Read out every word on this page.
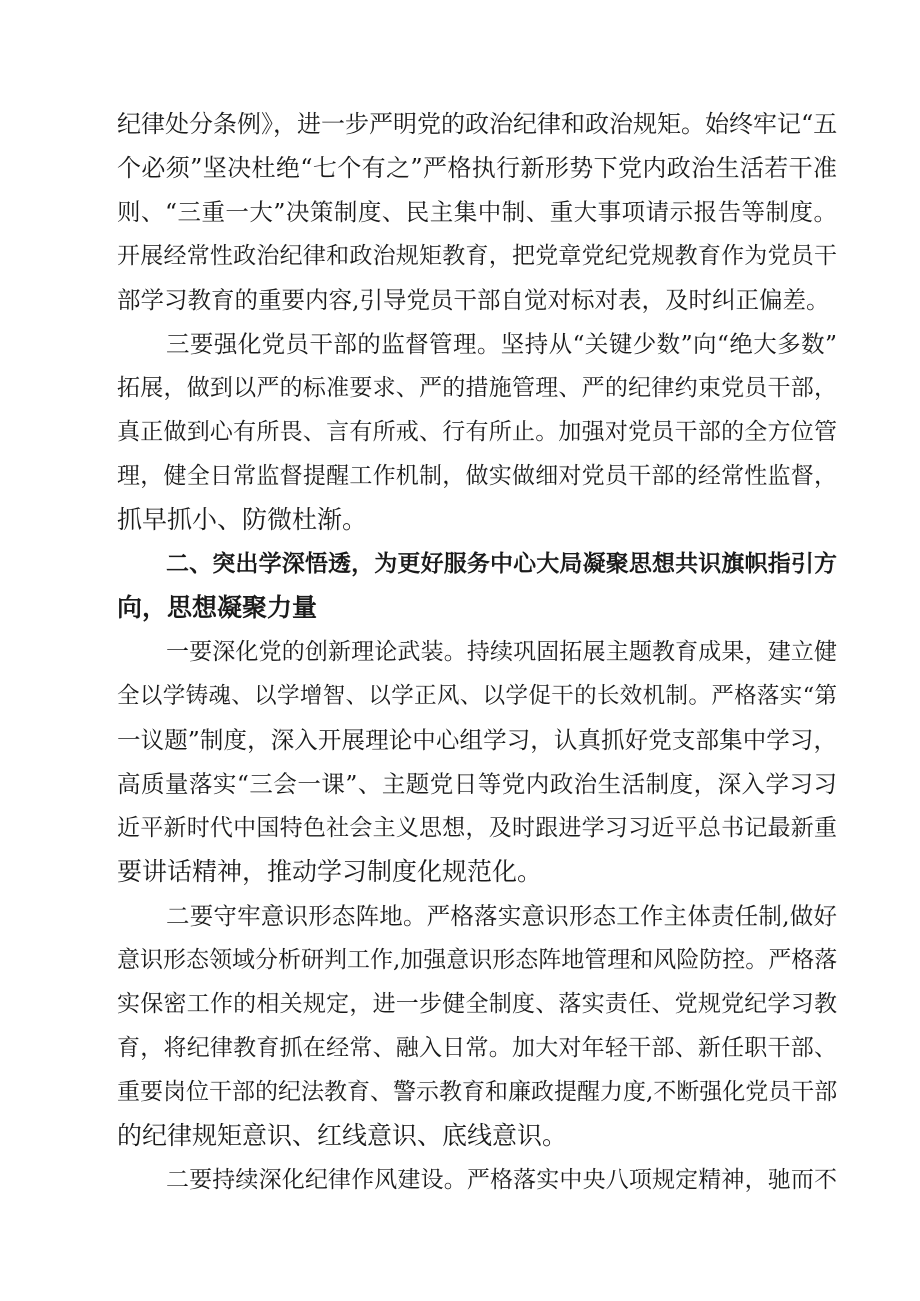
纪律处分条例》，进一步严明党的政治纪律和政治规矩。始终牢记“五
个必须”坚决杜绝“七个有之”严格执行新形势下党内政治生活若干准
则、“三重一大”决策制度、民主集中制、重大事项请示报告等制度。
开展经常性政治纪律和政治规矩教育，把党章党纪党规教育作为党员干
部学习教育的重要内容,引导党员干部自觉对标对表，及时纠正偏差。
三要强化党员干部的监督管理。坚持从“关键少数”向“绝大多数”
拓展，做到以严的标准要求、严的措施管理、严的纪律约束党员干部，
真正做到心有所畏、言有所戒、行有所止。加强对党员干部的全方位管
理，健全日常监督提醒工作机制，做实做细对党员干部的经常性监督，
抓早抓小、防微杜渐。
二、突出学深悟透，为更好服务中心大局凝聚思想共识旗帜指引方
向，思想凝聚力量
一要深化党的创新理论武装。持续巩固拓展主题教育成果，建立健
全以学铸魂、以学增智、以学正风、以学促干的长效机制。严格落实“第
一议题”制度，深入开展理论中心组学习，认真抓好党支部集中学习，
高质量落实“三会一课”、主题党日等党内政治生活制度，深入学习习
近平新时代中国特色社会主义思想，及时跟进学习习近平总书记最新重
要讲话精神，推动学习制度化规范化。
二要守牢意识形态阵地。严格落实意识形态工作主体责任制,做好
意识形态领域分析研判工作,加强意识形态阵地管理和风险防控。严格落
实保密工作的相关规定，进一步健全制度、落实责任、党规党纪学习教
育，将纪律教育抓在经常、融入日常。加大对年轻干部、新任职干部、
重要岗位干部的纪法教育、警示教育和廉政提醒力度,不断强化党员干部
的纪律规矩意识、红线意识、底线意识。
二要持续深化纪律作风建设。严格落实中央八项规定精神，驰而不
